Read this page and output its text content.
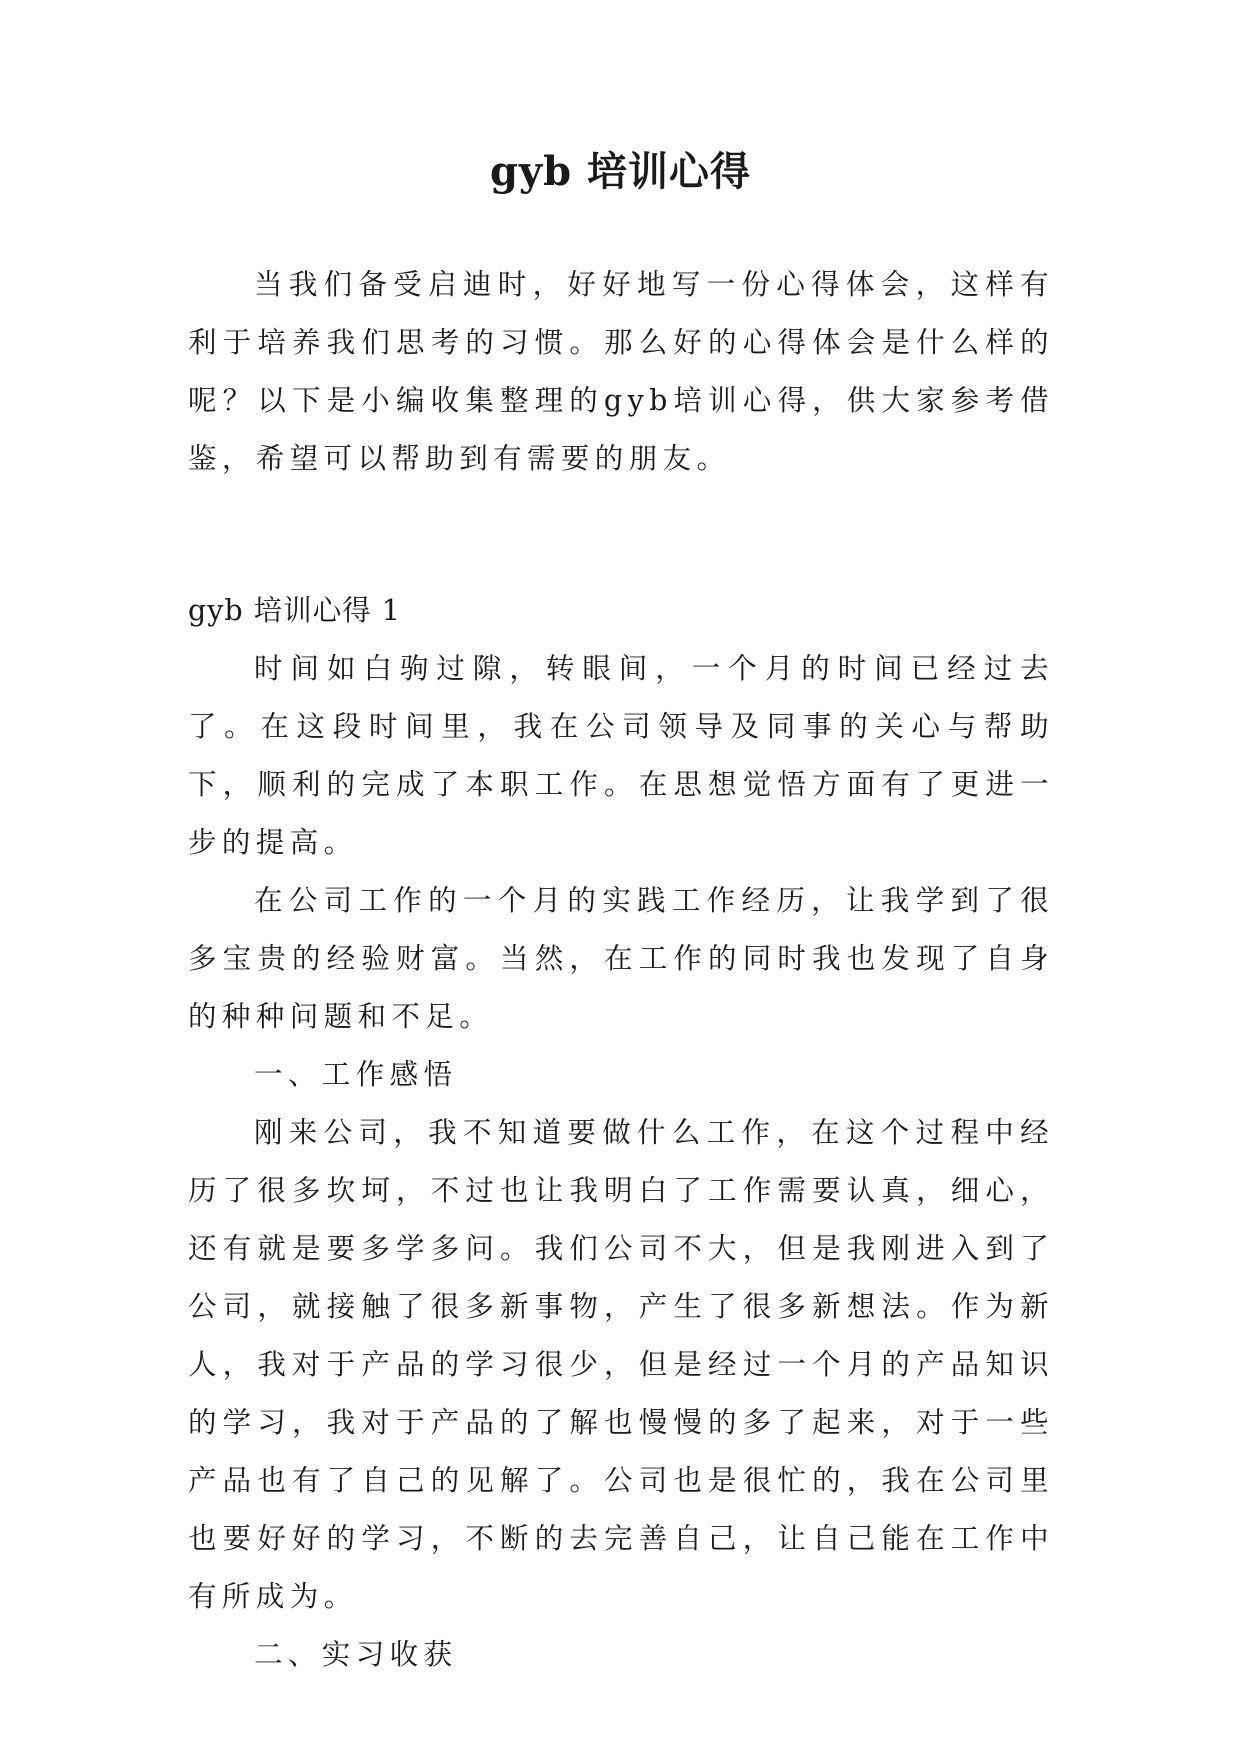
gyb 培训心得

当我们备受启迪时，好好地写一份心得体会，这样有利于培养我们思考的习惯。那么好的心得体会是什么样的呢？以下是小编收集整理的gyb培训心得，供大家参考借鉴，希望可以帮助到有需要的朋友。

gyb 培训心得 1

时间如白驹过隙，转眼间，一个月的时间已经过去了。在这段时间里，我在公司领导及同事的关心与帮助下，顺利的完成了本职工作。在思想觉悟方面有了更进一步的提高。

在公司工作的一个月的实践工作经历，让我学到了很多宝贵的经验财富。当然，在工作的同时我也发现了自身的种种问题和不足。

一、工作感悟

刚来公司，我不知道要做什么工作，在这个过程中经历了很多坎坷，不过也让我明白了工作需要认真，细心，还有就是要多学多问。我们公司不大，但是我刚进入到了公司，就接触了很多新事物，产生了很多新想法。作为新人，我对于产品的学习很少，但是经过一个月的产品知识的学习，我对于产品的了解也慢慢的多了起来，对于一些产品也有了自己的见解了。公司也是很忙的，我在公司里也要好好的学习，不断的去完善自己，让自己能在工作中有所成为。

二、实习收获
